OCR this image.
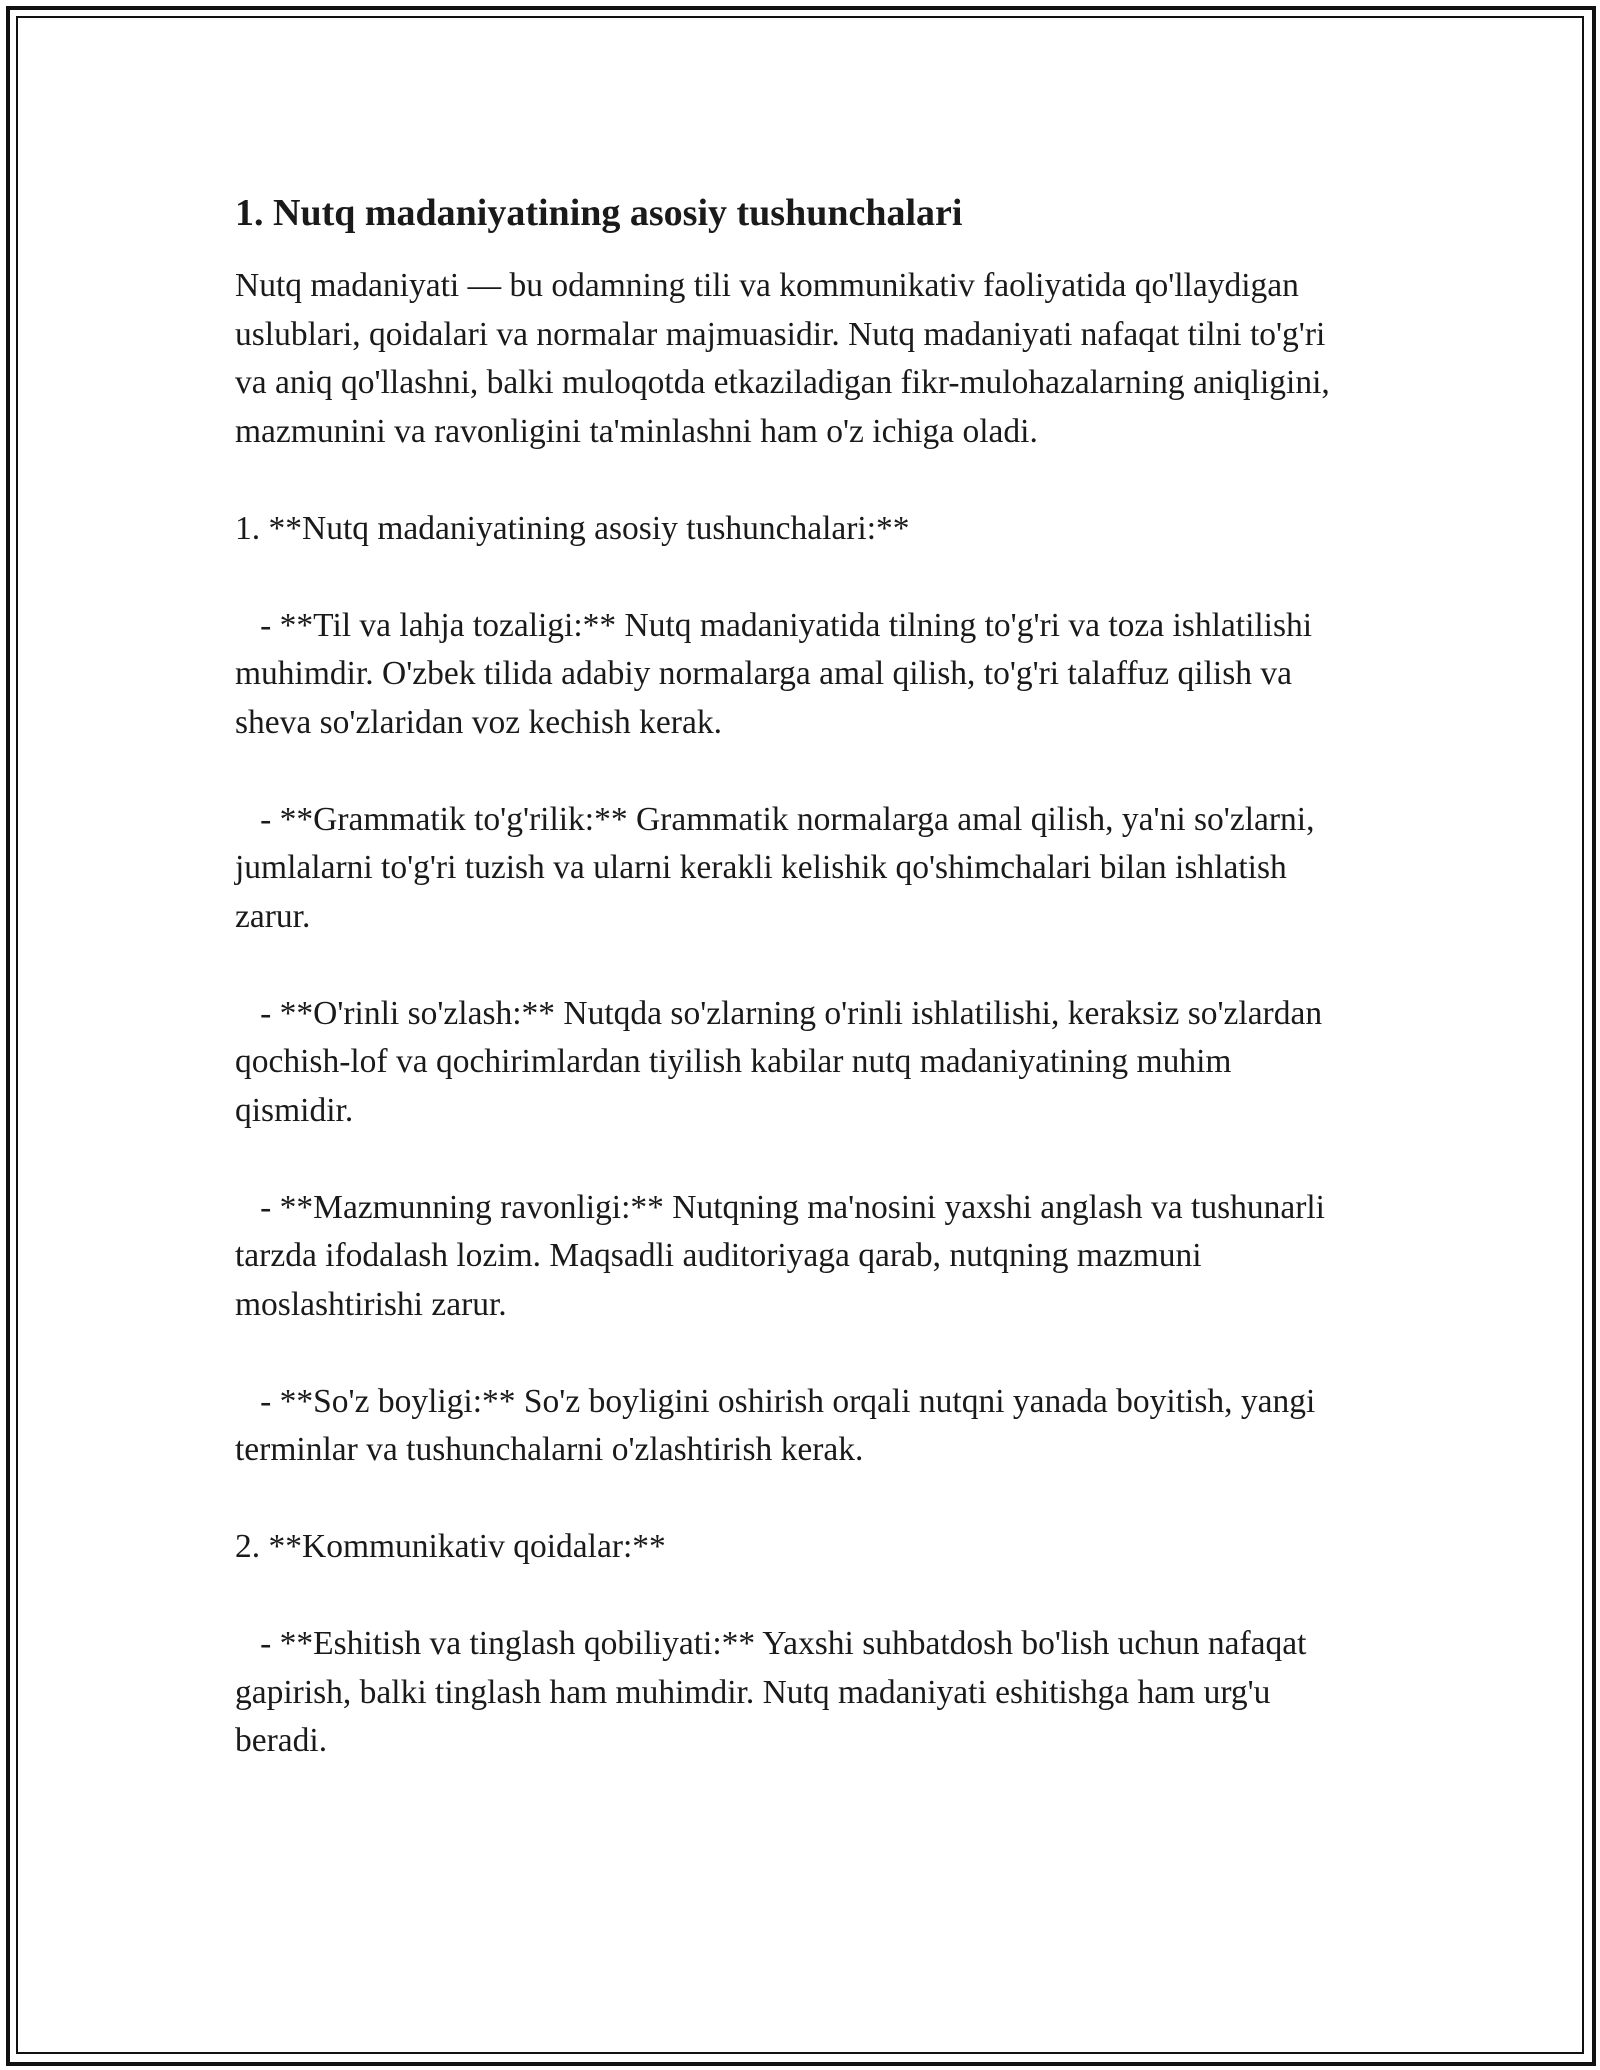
1. Nutq madaniyatining asosiy tushunchalari

Nutq madaniyati — bu odamning tili va kommunikativ faoliyatida qo'llaydigan uslublari, qoidalari va normalar majmuasidir. Nutq madaniyati nafaqat tilni to'g'ri va aniq qo'llashni, balki muloqotda etkaziladigan fikr-mulohazalarning aniqligini, mazmunini va ravonligini ta'minlashni ham o'z ichiga oladi.

1. **Nutq madaniyatining asosiy tushunchalari:**

- **Til va lahja tozaligi:** Nutq madaniyatida tilning to'g'ri va toza ishlatilishi muhimdir. O'zbek tilida adabiy normalarga amal qilish, to'g'ri talaffuz qilish va sheva so'zlaridan voz kechish kerak.

- **Grammatik to'g'rilik:** Grammatik normalarga amal qilish, ya'ni so'zlarni, jumlalarni to'g'ri tuzish va ularni kerakli kelishik qo'shimchalari bilan ishlatish zarur.

- **O'rinli so'zlash:** Nutqda so'zlarning o'rinli ishlatilishi, keraksiz so'zlardan qochish-lof va qochirimlardan tiyilish kabilar nutq madaniyatining muhim qismidir.

- **Mazmunning ravonligi:** Nutqning ma'nosini yaxshi anglash va tushunarli tarzda ifodalash lozim. Maqsadli auditoriyaga qarab, nutqning mazmuni moslashtirishi zarur.

- **So'z boyligi:** So'z boyligini oshirish orqali nutqni yanada boyitish, yangi terminlar va tushunchalarni o'zlashtirish kerak.

2. **Kommunikativ qoidalar:**

- **Eshitish va tinglash qobiliyati:** Yaxshi suhbatdosh bo'lish uchun nafaqat gapirish, balki tinglash ham muhimdir. Nutq madaniyati eshitishga ham urg'u beradi.
